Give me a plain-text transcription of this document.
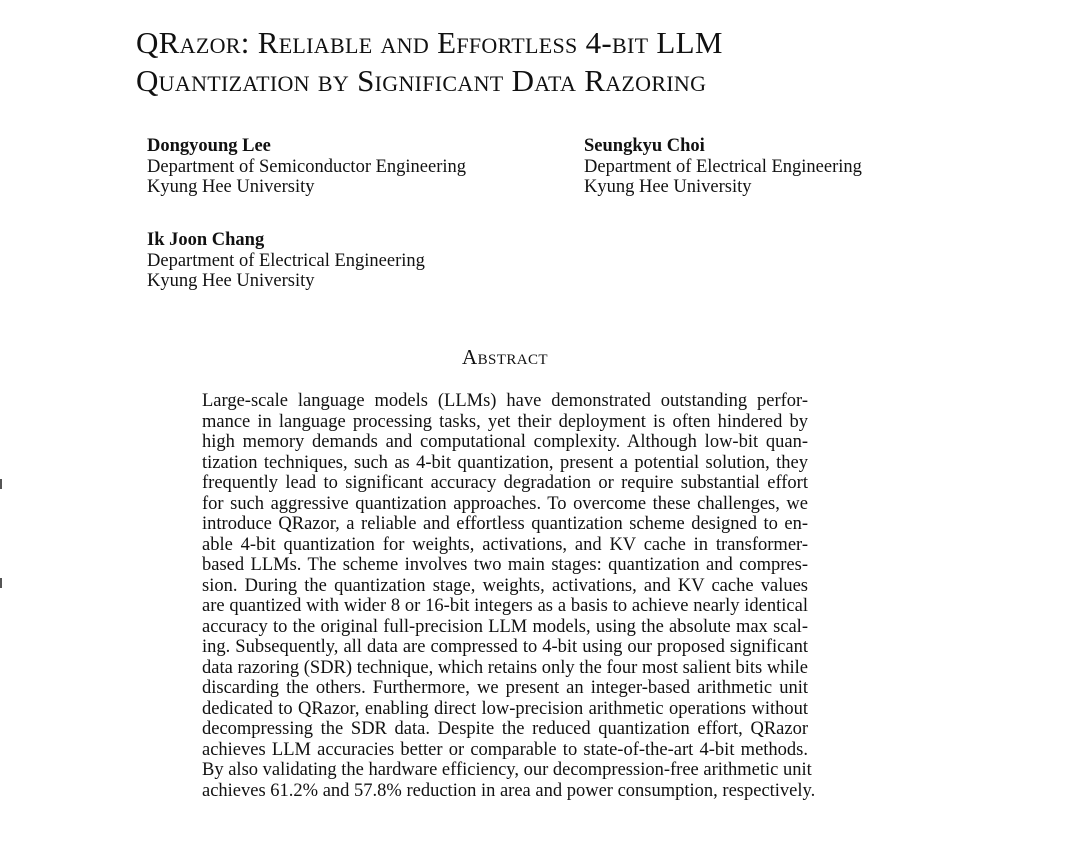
QRazor: Reliable and Effortless 4-bit LLM
Quantization by Significant Data Razoring
Dongyoung Lee
Department of Semiconductor Engineering
Kyung Hee University
Seungkyu Choi
Department of Electrical Engineering
Kyung Hee University
Ik Joon Chang
Department of Electrical Engineering
Kyung Hee University
Abstract
Large-scale language models (LLMs) have demonstrated outstanding perfor-
mance in language processing tasks, yet their deployment is often hindered by
high memory demands and computational complexity. Although low-bit quan-
tization techniques, such as 4-bit quantization, present a potential solution, they
frequently lead to significant accuracy degradation or require substantial effort
for such aggressive quantization approaches. To overcome these challenges, we
introduce QRazor, a reliable and effortless quantization scheme designed to en-
able 4-bit quantization for weights, activations, and KV cache in transformer-
based LLMs. The scheme involves two main stages: quantization and compres-
sion. During the quantization stage, weights, activations, and KV cache values
are quantized with wider 8 or 16-bit integers as a basis to achieve nearly identical
accuracy to the original full-precision LLM models, using the absolute max scal-
ing. Subsequently, all data are compressed to 4-bit using our proposed significant
data razoring (SDR) technique, which retains only the four most salient bits while
discarding the others. Furthermore, we present an integer-based arithmetic unit
dedicated to QRazor, enabling direct low-precision arithmetic operations without
decompressing the SDR data. Despite the reduced quantization effort, QRazor
achieves LLM accuracies better or comparable to state-of-the-art 4-bit methods.
By also validating the hardware efficiency, our decompression-free arithmetic unit
achieves 61.2% and 57.8% reduction in area and power consumption, respectively.
